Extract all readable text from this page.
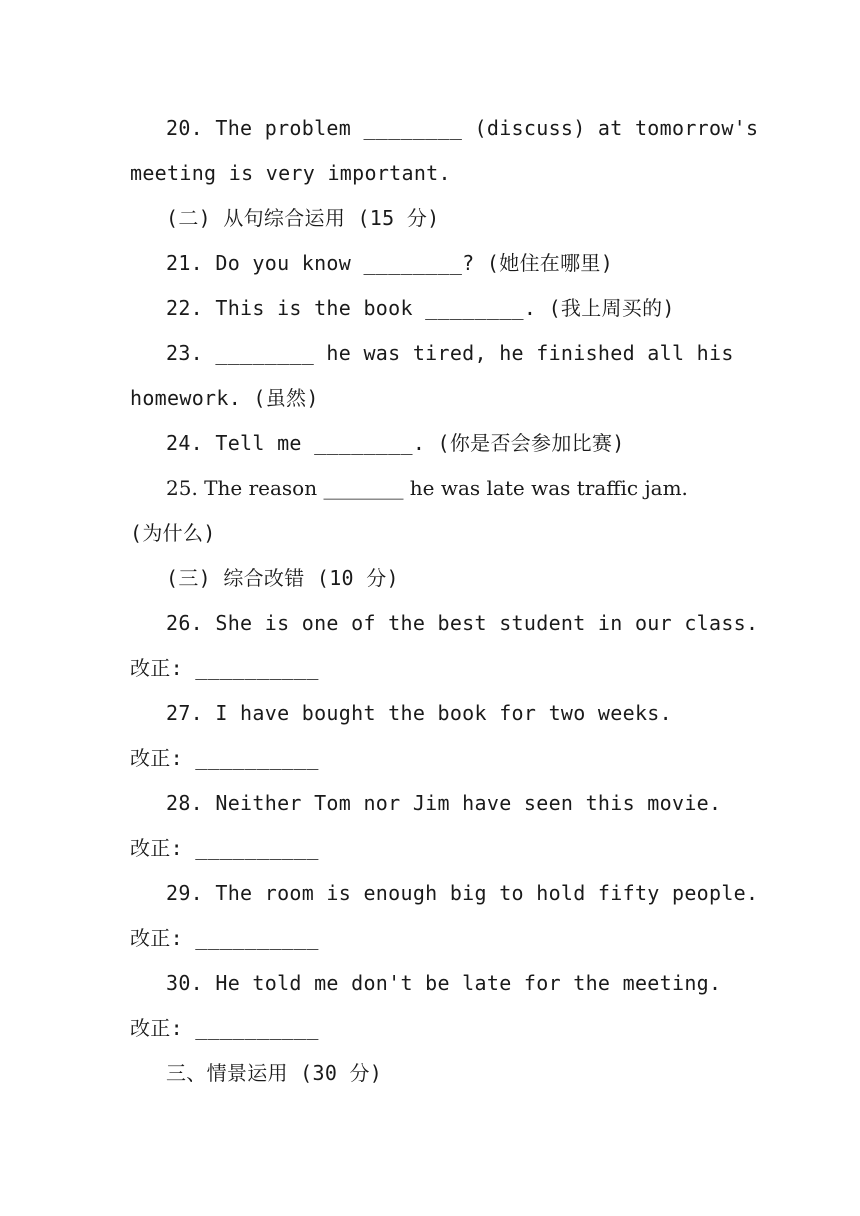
20. The problem ________ (discuss) at tomorrow's
meeting is very important.
(二) 从句综合运用 (15 分)
21. Do you know ________? (她住在哪里)
22. This is the book ________. (我上周买的)
23. ________ he was tired, he finished all his
homework. (虽然)
24. Tell me ________. (你是否会参加比赛)
25. The reason ________ he was late was traffic jam.
(为什么)
(三) 综合改错 (10 分)
26. She is one of the best student in our class.
改正: __________
27. I have bought the book for two weeks.
改正: __________
28. Neither Tom nor Jim have seen this movie.
改正: __________
29. The room is enough big to hold fifty people.
改正: __________
30. He told me don't be late for the meeting.
改正: __________
三、情景运用 (30 分)
